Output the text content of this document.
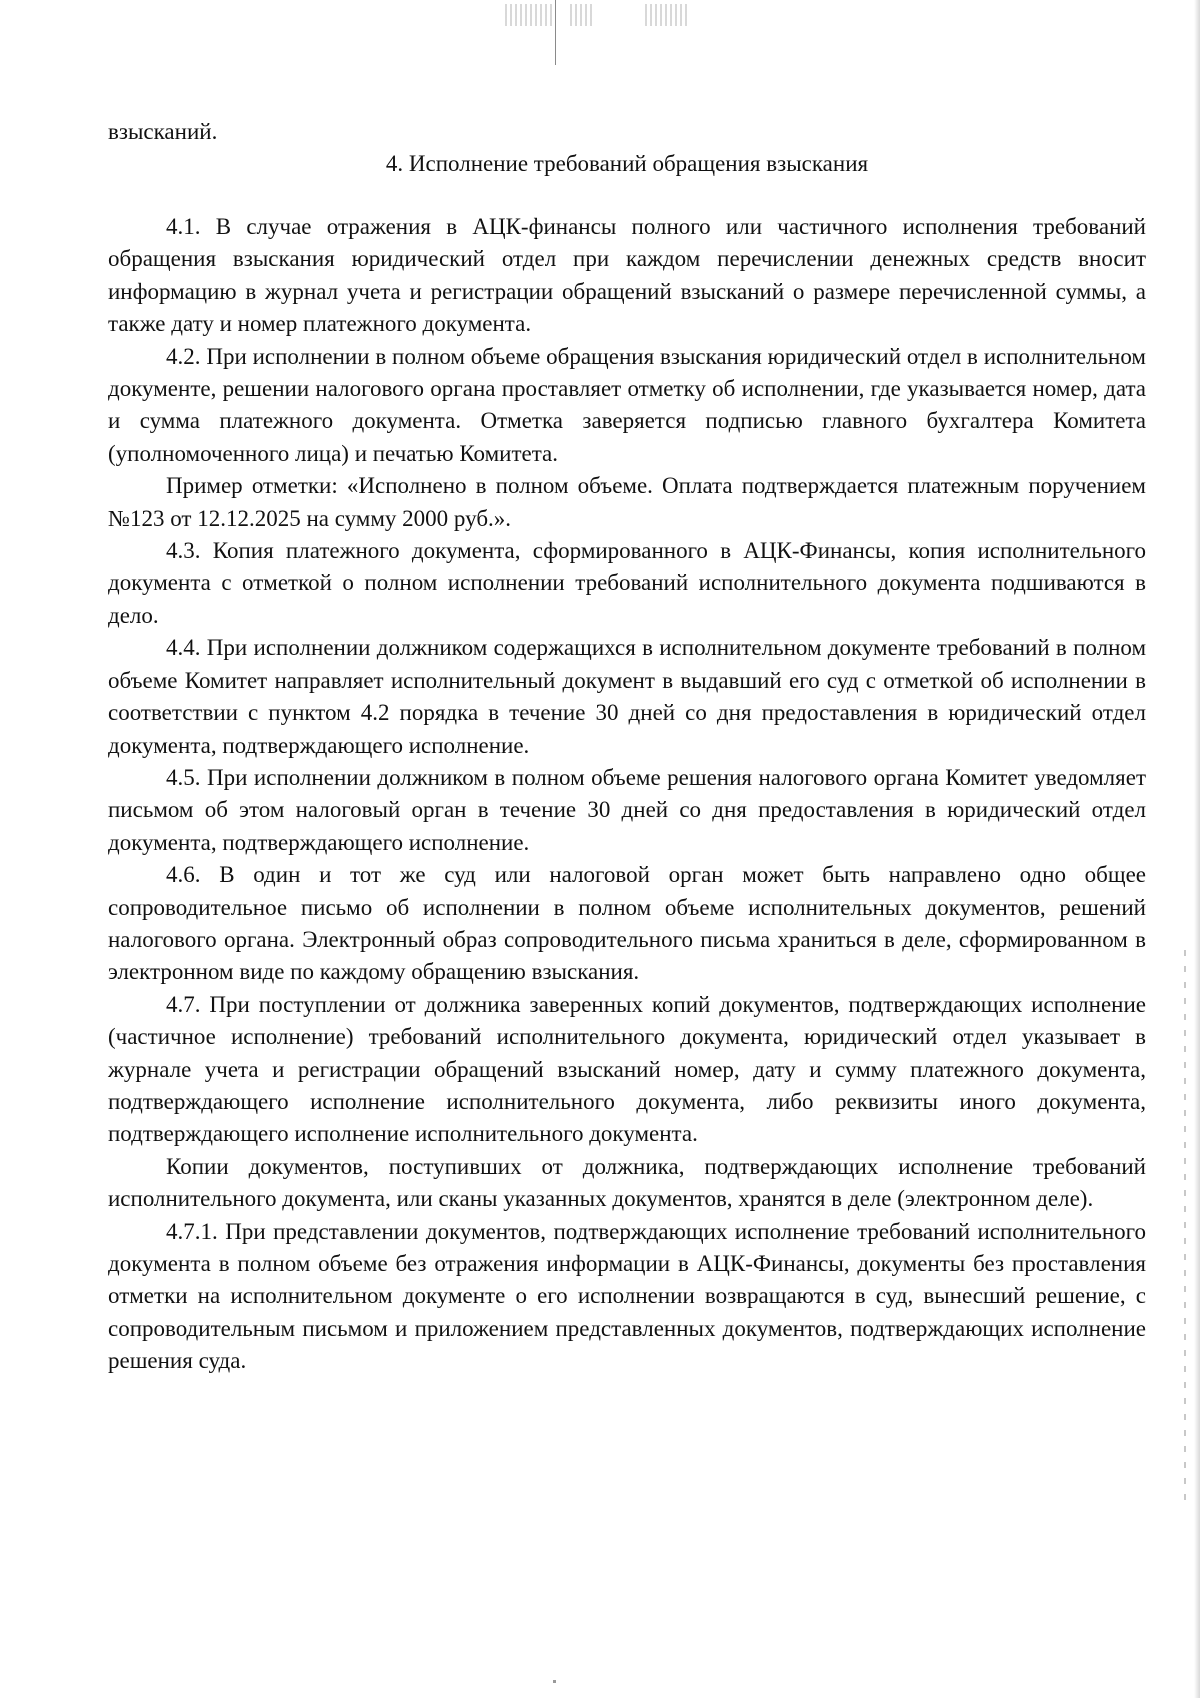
взысканий.

4. Исполнение требований обращения взыскания

4.1. В случае отражения в АЦК-финансы полного или частичного исполнения требований обращения взыскания юридический отдел при каждом перечислении денежных средств вносит информацию в журнал учета и регистрации обращений взысканий о размере перечисленной суммы, а также дату и номер платежного документа.

4.2. При исполнении в полном объеме обращения взыскания юридический отдел в исполнительном документе, решении налогового органа проставляет отметку об исполнении, где указывается номер, дата и сумма платежного документа. Отметка заверяется подписью главного бухгалтера Комитета (уполномоченного лица) и печатью Комитета.

Пример отметки: «Исполнено в полном объеме. Оплата подтверждается платежным поручением №123 от 12.12.2025 на сумму 2000 руб.».

4.3. Копия платежного документа, сформированного в АЦК-Финансы, копия исполнительного документа с отметкой о полном исполнении требований исполнительного документа подшиваются в дело.

4.4. При исполнении должником содержащихся в исполнительном документе требований в полном объеме Комитет направляет исполнительный документ в выдавший его суд с отметкой об исполнении в соответствии с пунктом 4.2 порядка в течение 30 дней со дня предоставления в юридический отдел документа, подтверждающего исполнение.

4.5. При исполнении должником в полном объеме решения налогового органа Комитет уведомляет письмом об этом налоговый орган в течение 30 дней со дня предоставления в юридический отдел документа, подтверждающего исполнение.

4.6. В один и тот же суд или налоговой орган может быть направлено одно общее сопроводительное письмо об исполнении в полном объеме исполнительных документов, решений налогового органа. Электронный образ сопроводительного письма храниться в деле, сформированном в электронном виде по каждому обращению взыскания.

4.7. При поступлении от должника заверенных копий документов, подтверждающих исполнение (частичное исполнение) требований исполнительного документа, юридический отдел указывает в журнале учета и регистрации обращений взысканий номер, дату и сумму платежного документа, подтверждающего исполнение исполнительного документа, либо реквизиты иного документа, подтверждающего исполнение исполнительного документа.

Копии документов, поступивших от должника, подтверждающих исполнение требований исполнительного документа, или сканы указанных документов, хранятся в деле (электронном деле).

4.7.1. При представлении документов, подтверждающих исполнение требований исполнительного документа в полном объеме без отражения информации в АЦК-Финансы, документы без проставления отметки на исполнительном документе о его исполнении возвращаются в суд, вынесший решение, с сопроводительным письмом и приложением представленных документов, подтверждающих исполнение решения суда.
